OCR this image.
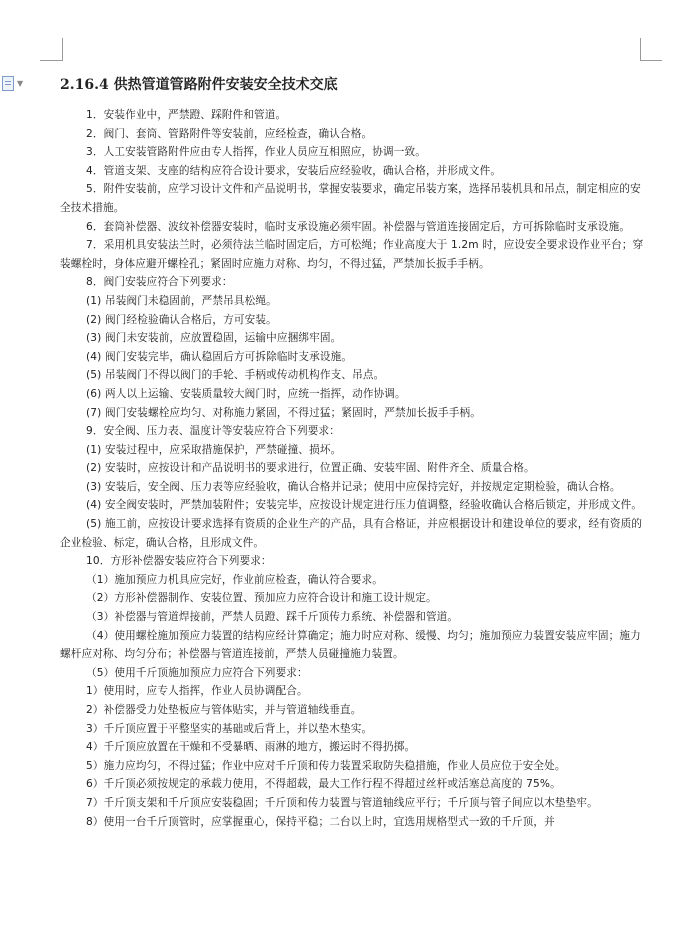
▼	2.16.4 供热管道管路附件安装安全技术交底
1．安装作业中，严禁蹬、踩附件和管道。
2．阀门、套筒、管路附件等安装前，应经检查，确认合格。
3．人工安装管路附件应由专人指挥，作业人员应互相照应，协调一致。
4．管道支架、支座的结构应符合设计要求，安装后应经验收，确认合格，并形成文件。
5．附件安装前，应学习设计文件和产品说明书，掌握安装要求，确定吊装方案，选择吊装机具和吊点，制定相应的安全技术措施。
6．套筒补偿器、波纹补偿器安装时，临时支承设施必须牢固。补偿器与管道连接固定后，方可拆除临时支承设施。
7．采用机具安装法兰时，必须待法兰临时固定后，方可松绳；作业高度大于 1.2m 时，应设安全要求设作业平台；穿装螺栓时，身体应避开螺栓孔；紧固时应施力对称、均匀，不得过猛，严禁加长扳手手柄。
8．阀门安装应符合下列要求：
(1) 吊装阀门未稳固前，严禁吊具松绳。
(2) 阀门经检验确认合格后，方可安装。
(3) 阀门未安装前，应放置稳固，运输中应捆绑牢固。
(4) 阀门安装完毕，确认稳固后方可拆除临时支承设施。
(5) 吊装阀门不得以阀门的手轮、手柄或传动机构作支、吊点。
(6) 两人以上运输、安装质量较大阀门时，应统一指挥，动作协调。
(7) 阀门安装螺栓应均匀、对称施力紧固，不得过猛；紧固时，严禁加长扳手手柄。
9．安全阀、压力表、温度计等安装应符合下列要求：
(1) 安装过程中，应采取措施保护，严禁碰撞、损坏。
(2) 安装时，应按设计和产品说明书的要求进行，位置正确、安装牢固、附件齐全、质量合格。
(3) 安装后，安全阀、压力表等应经验收，确认合格并记录；使用中应保持完好，并按规定定期检验，确认合格。
(4) 安全阀安装时，严禁加装附件；安装完毕，应按设计规定进行压力值调整，经验收确认合格后锁定，并形成文件。
(5) 施工前，应按设计要求选择有资质的企业生产的产品，具有合格证，并应根据设计和建设单位的要求，经有资质的企业检验、标定，确认合格，且形成文件。
10．方形补偿器安装应符合下列要求：
（1）施加预应力机具应完好，作业前应检查，确认符合要求。
（2）方形补偿器制作、安装位置、预加应力应符合设计和施工设计规定。
（3）补偿器与管道焊接前，严禁人员蹬、踩千斤顶传力系统、补偿器和管道。
（4）使用螺栓施加预应力装置的结构应经计算确定；施力时应对称、缓慢、均匀；施加预应力装置安装应牢固；施力螺杆应对称、均匀分布；补偿器与管道连接前，严禁人员碰撞施力装置。
（5）使用千斤顶施加预应力应符合下列要求：
1）使用时，应专人指挥，作业人员协调配合。
2）补偿器受力处垫板应与管体贴实，并与管道轴线垂直。
3）千斤顶应置于平整坚实的基础或后背上，并以垫木垫实。
4）千斤顶应放置在干燥和不受暴晒、雨淋的地方，搬运时不得扔掷。
5）施力应均匀，不得过猛；作业中应对千斤顶和传力装置采取防失稳措施，作业人员应位于安全处。
6）千斤顶必须按规定的承载力使用，不得超载，最大工作行程不得超过丝杆或活塞总高度的 75%。
7）千斤顶支架和千斤顶应安装稳固；千斤顶和传力装置与管道轴线应平行；千斤顶与管子间应以木垫垫牢。
8）使用一台千斤顶管时，应掌握重心，保持平稳；二台以上时，宜选用规格型式一致的千斤顶，并
